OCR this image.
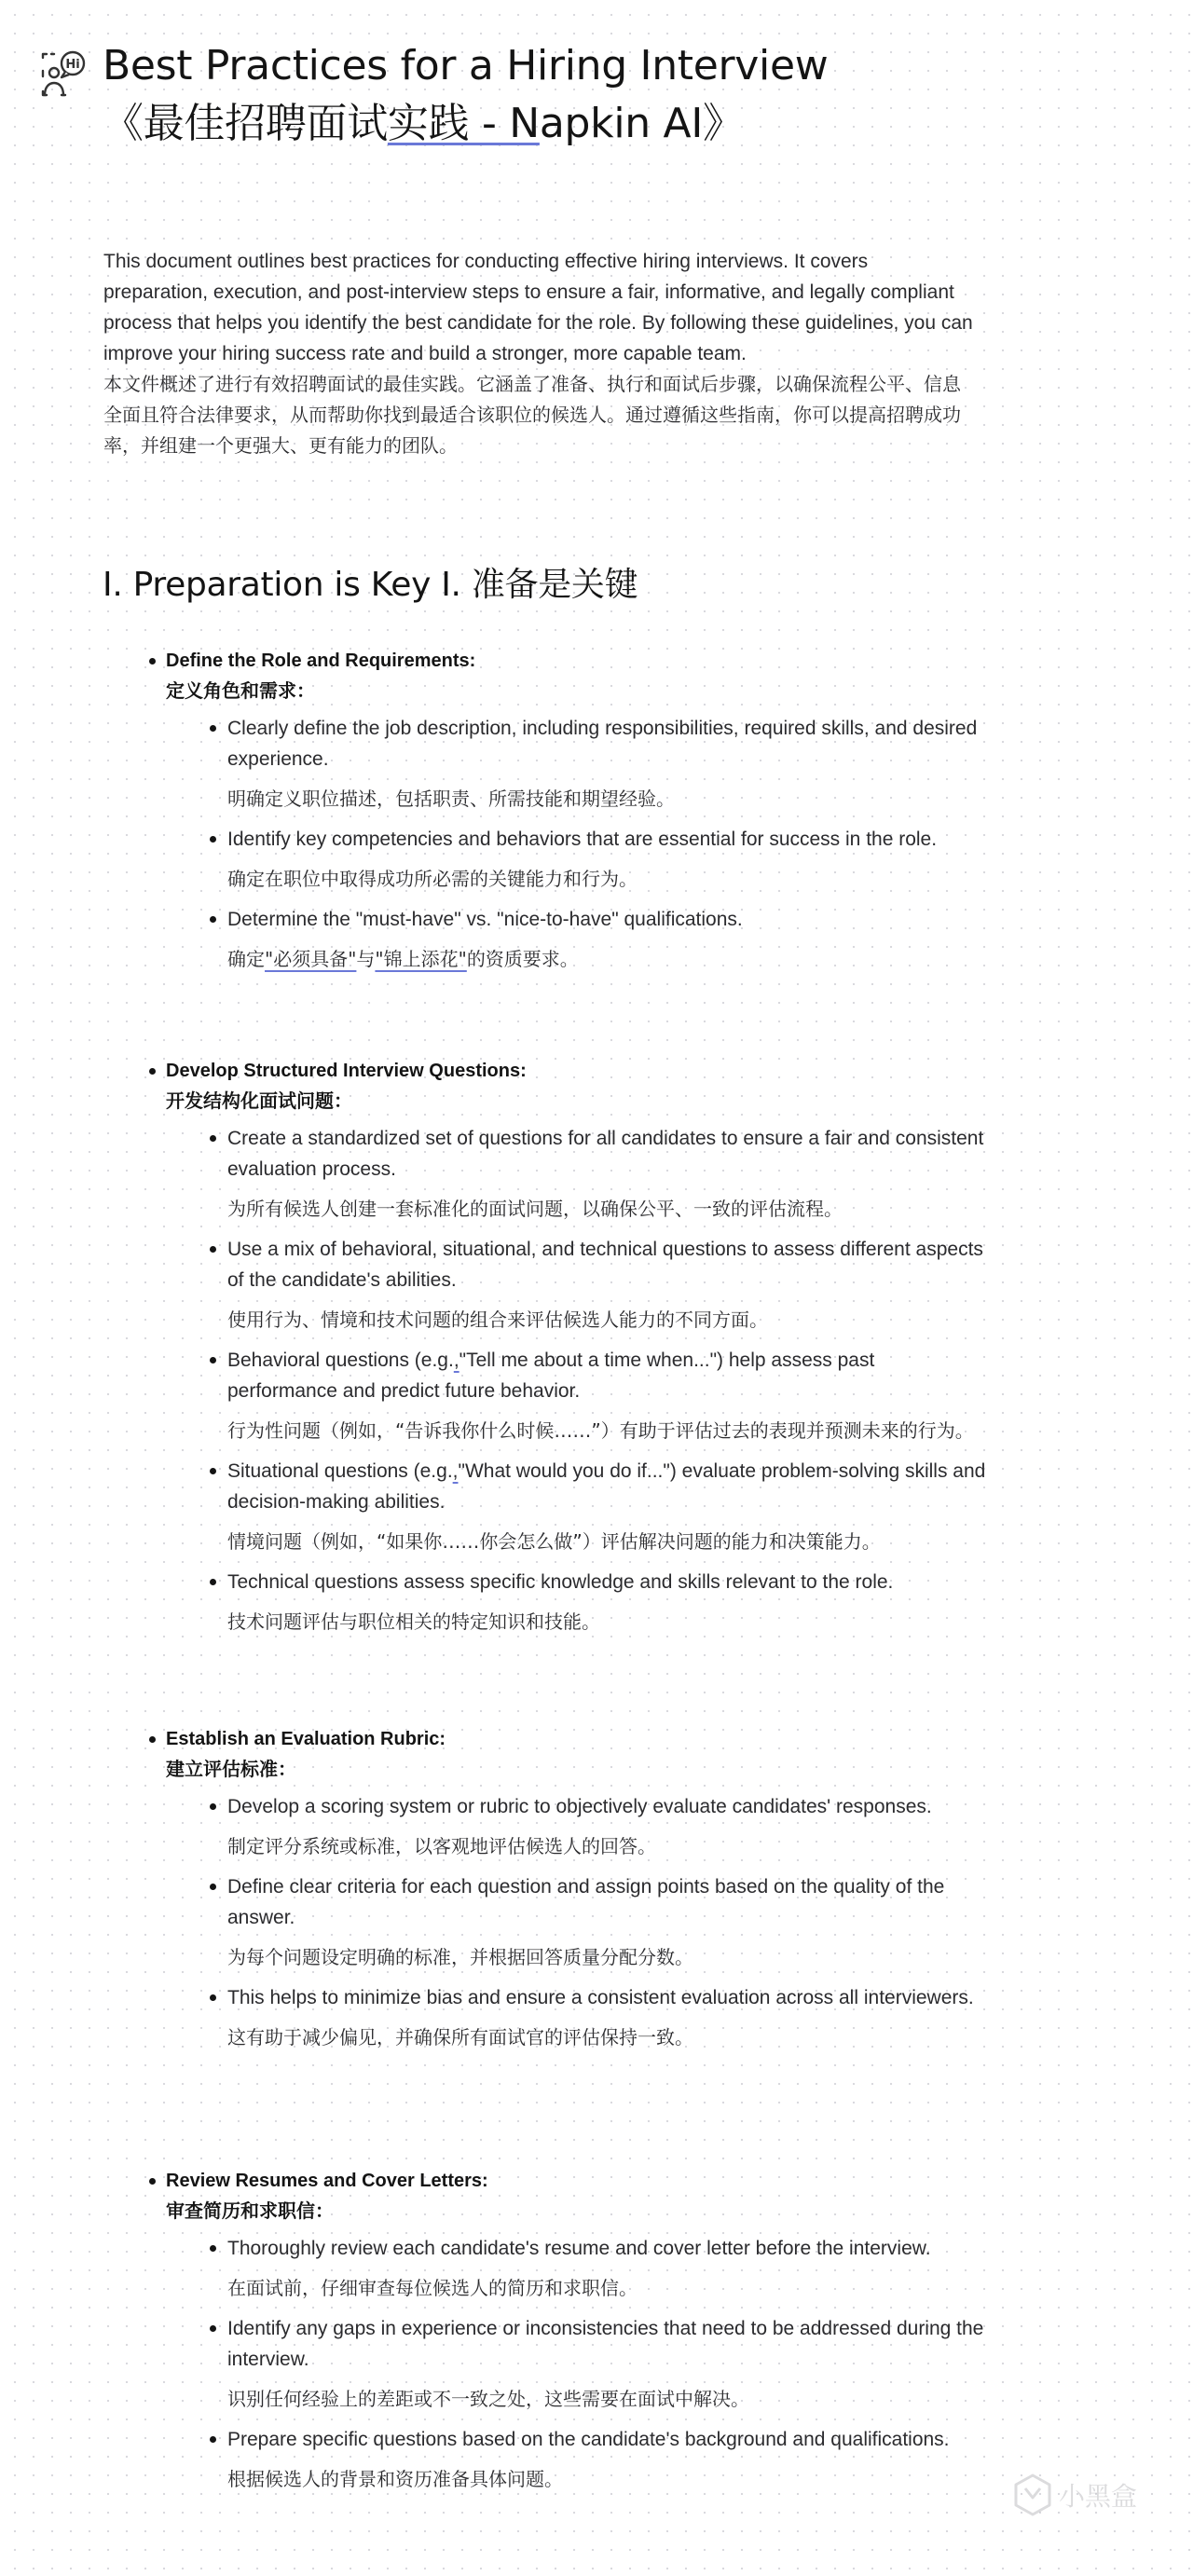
Hi Best Practices for a Hiring Interview
《最佳招聘面试实践 - Napkin AI》

This document outlines best practices for conducting effective hiring interviews. It covers preparation, execution, and post-interview steps to ensure a fair, informative, and legally compliant process that helps you identify the best candidate for the role. By following these guidelines, you can improve your hiring success rate and build a stronger, more capable team.

本文件概述了进行有效招聘面试的最佳实践。它涵盖了准备、执行和面试后步骤，以确保流程公平、信息全面且符合法律要求，从而帮助你找到最适合该职位的候选人。通过遵循这些指南，你可以提高招聘成功率，并组建一个更强大、更有能力的团队。

I. Preparation is Key I. 准备是关键
Define the Role and Requirements:
定义角色和需求：
Clearly define the job description, including responsibilities, required skills, and desired experience.
明确定义职位描述，包括职责、所需技能和期望经验。
Identify key competencies and behaviors that are essential for success in the role.
确定在职位中取得成功所必需的关键能力和行为。
Determine the "must-have" vs. "nice-to-have" qualifications.
确定"必须具备"与"锦上添花"的资质要求。
Develop Structured Interview Questions:
开发结构化面试问题：
Create a standardized set of questions for all candidates to ensure a fair and consistent evaluation process.
为所有候选人创建一套标准化的面试问题，以确保公平、一致的评估流程。
Use a mix of behavioral, situational, and technical questions to assess different aspects of the candidate's abilities.
使用行为、情境和技术问题的组合来评估候选人能力的不同方面。
Behavioral questions (e.g.,"Tell me about a time when...") help assess past performance and predict future behavior.
行为性问题（例如，“告诉我你什么时候……”）有助于评估过去的表现并预测未来的行为。
Situational questions (e.g.,"What would you do if...") evaluate problem-solving skills and decision-making abilities.
情境问题（例如，“如果你……你会怎么做”）评估解决问题的能力和决策能力。
Technical questions assess specific knowledge and skills relevant to the role.
技术问题评估与职位相关的特定知识和技能。
Establish an Evaluation Rubric:
建立评估标准：
Develop a scoring system or rubric to objectively evaluate candidates' responses.
制定评分系统或标准，以客观地评估候选人的回答。
Define clear criteria for each question and assign points based on the quality of the answer.
为每个问题设定明确的标准，并根据回答质量分配分数。
This helps to minimize bias and ensure a consistent evaluation across all interviewers.
这有助于减少偏见，并确保所有面试官的评估保持一致。
Review Resumes and Cover Letters:
审查简历和求职信：
Thoroughly review each candidate's resume and cover letter before the interview.
在面试前，仔细审查每位候选人的简历和求职信。
Identify any gaps in experience or inconsistencies that need to be addressed during the interview.
识别任何经验上的差距或不一致之处，这些需要在面试中解决。
Prepare specific questions based on the candidate's background and qualifications.
根据候选人的背景和资历准备具体问题。
小黑盒
